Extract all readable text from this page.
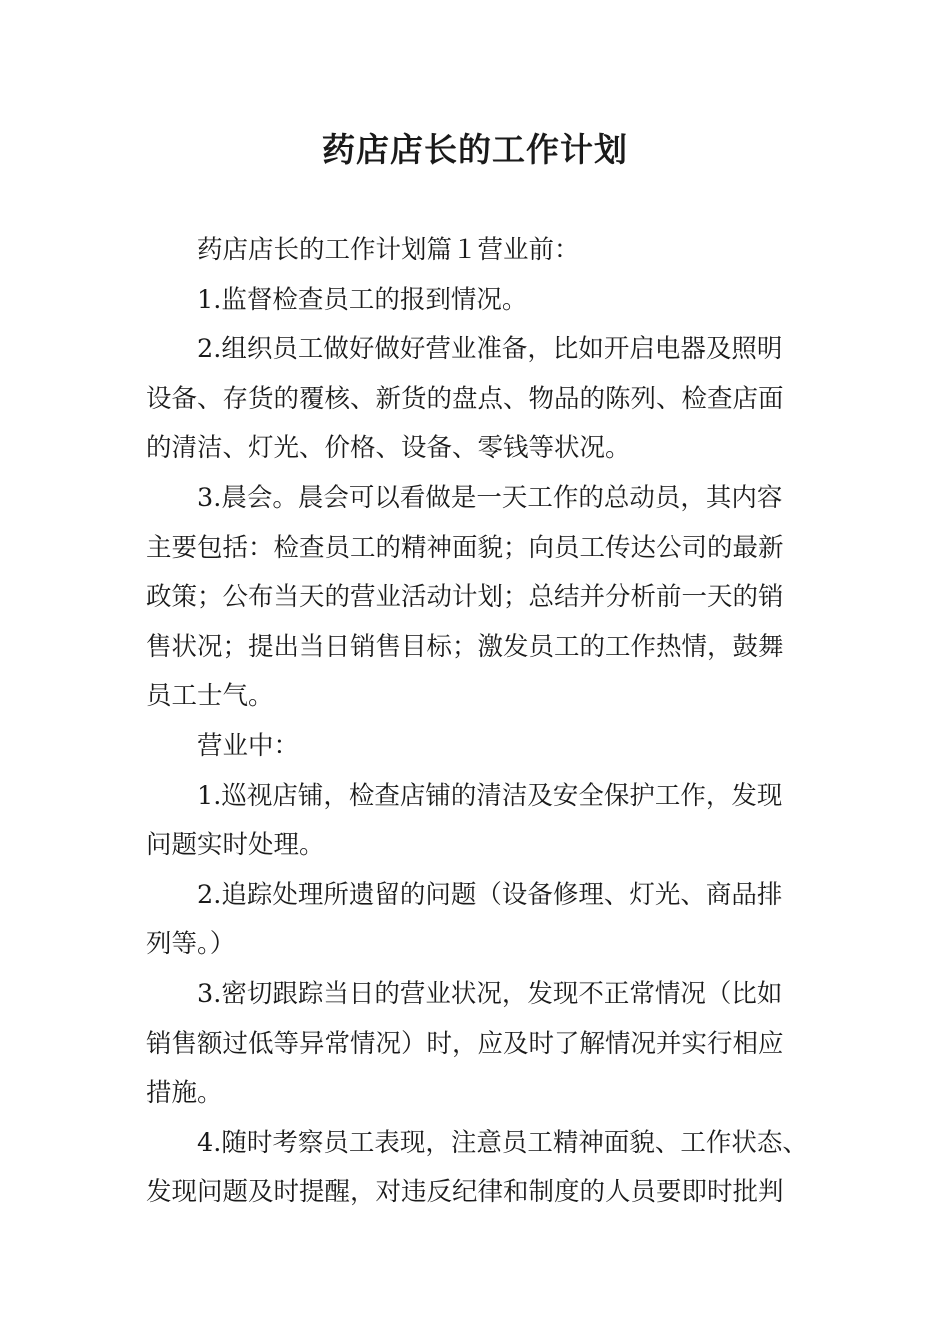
药店店长的工作计划

药店店长的工作计划篇１营业前：

1.监督检查员工的报到情况。

2.组织员工做好做好营业准备，比如开启电器及照明
设备、存货的覆核、新货的盘点、物品的陈列、检查店面
的清洁、灯光、价格、设备、零钱等状况。

3.晨会。晨会可以看做是一天工作的总动员，其内容
主要包括：检查员工的精神面貌；向员工传达公司的最新
政策；公布当天的营业活动计划；总结并分析前一天的销
售状况；提出当日销售目标；激发员工的工作热情，鼓舞
员工士气。

营业中：

1.巡视店铺，检查店铺的清洁及安全保护工作，发现
问题实时处理。

2.追踪处理所遗留的问题（设备修理、灯光、商品排
列等。）

3.密切跟踪当日的营业状况，发现不正常情况（比如
销售额过低等异常情况）时，应及时了解情况并实行相应
措施。

4.随时考察员工表现，注意员工精神面貌、工作状态、
发现问题及时提醒，对违反纪律和制度的人员要即时批判
